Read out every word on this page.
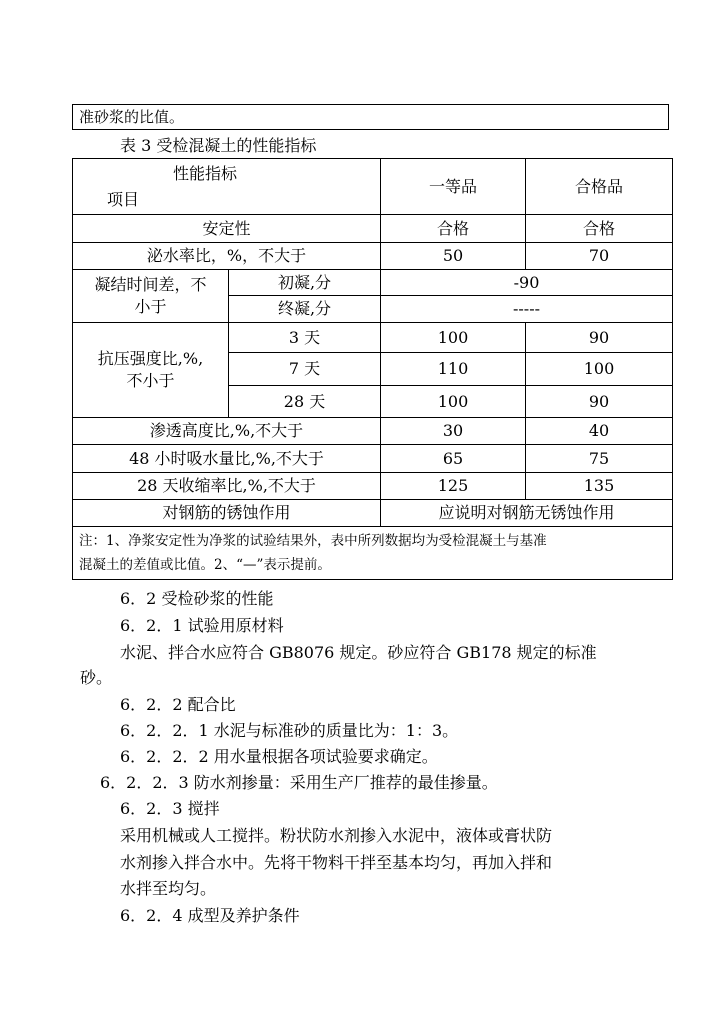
准砂浆的比值。
表 3 受检混凝土的性能指标
性能指标
项目		一等品	合格品
安定性		合格	合格
泌水率比，%，不大于		50	70

凝结时间差，不
小于	初凝,分	-90	
	终凝,分	-----	

抗压强度比,%,
不小于	3 天	100	90
	7 天	110	100
	28 天	100	90
渗透高度比,%,不大于		30	40
48 小时吸水量比,%,不大于		65	75
28 天收缩率比,%,不大于		125	135
对钢筋的锈蚀作用		应说明对钢筋无锈蚀作用	

注：1、净浆安定性为净浆的试验结果外，表中所列数据均为受检混凝土与基准
混凝土的差值或比值。2、“—”表示提前。			
6．2 受检砂浆的性能
6．2．1 试验用原材料
水泥、拌合水应符合 GB8076 规定。砂应符合 GB178 规定的标准
砂。
6．2．2 配合比
6．2．2．1 水泥与标准砂的质量比为：1：3。
6．2．2．2 用水量根据各项试验要求确定。
6．2．2．3 防水剂掺量：采用生产厂推荐的最佳掺量。
6．2．3 搅拌
采用机械或人工搅拌。粉状防水剂掺入水泥中，液体或膏状防
水剂掺入拌合水中。先将干物料干拌至基本均匀，再加入拌和
水拌至均匀。
6．2．4 成型及养护条件
